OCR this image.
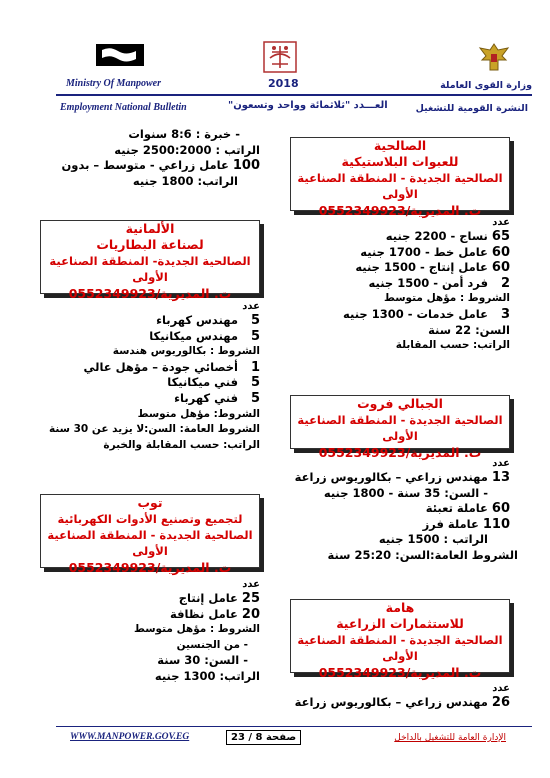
Ministry Of Manpower	2018	وزارة القوى العاملة
Employment National Bulletin	العـــدد "ثلاثمائة وواحد وتسعون"	النشرة القومية للتشغيل
الصالحية
للعبوات البلاستيكية
الصالحية الجديدة - المنطقة الصناعية الأولى
ت. المديرية/0552349923
عدد
65 نساج - 2200 جنيه
60 عامل خط - 1700 جنيه
60 عامل إنتاج - 1500 جنيه
2 فرد أمن - 1500 جنيه
الشروط : مؤهل متوسط
3 عامل خدمات - 1300 جنيه
السن: 22 سنة
الراتب: حسب المقابلة
الجبالي فروت
الصالحية الجديدة - المنطقة الصناعية الأولى
ت. المديرية/0552349923
عدد
13 مهندس زراعي – بكالوريوس زراعة
- السن: 35 سنة - 1800 جنيه
60 عاملة تعبئة
110 عاملة فرز
الراتب : 1500 جنيه
الشروط العامة:السن: 25:20 سنة
هامة
للاستثمارات الزراعية
الصالحية الجديدة - المنطقة الصناعية الأولى
ت. المديرية/0552349923
عدد
26 مهندس زراعي – بكالوريوس زراعة
- خبرة : 8:6 سنوات
الراتب : 2500:2000 جنيه
100 عامل زراعي - متوسط – بدون
الراتب: 1800 جنيه
الألمانية
لصناعة البطاريات
الصالحية الجديدة- المنطقة الصناعية الأولى
ت. المديرية/0552349923
عدد
5 مهندس كهرباء
5 مهندس ميكانيكا
الشروط : بكالوريوس هندسة
1 أخصائي جودة – مؤهل عالي
5 فني ميكانيكا
5 فني كهرباء
الشروط: مؤهل متوسط
الشروط العامة: السن:لا يزيد عن 30 سنة
الراتب: حسب المقابلة والخبرة
توب
لتجميع وتصنيع الأدوات الكهربائية
الصالحية الجديدة - المنطقة الصناعية الأولى
ت. المديرية/0552349923
عدد
25 عامل إنتاج
20 عامل نظافة
الشروط : مؤهل متوسط
- من الجنسين
- السن: 30 سنة
الراتب: 1300 جنيه
WWW.MANPOWER.GOV.EG	صفحة 8 / 23	الإدارة العامة للتشغيل بالداخل
